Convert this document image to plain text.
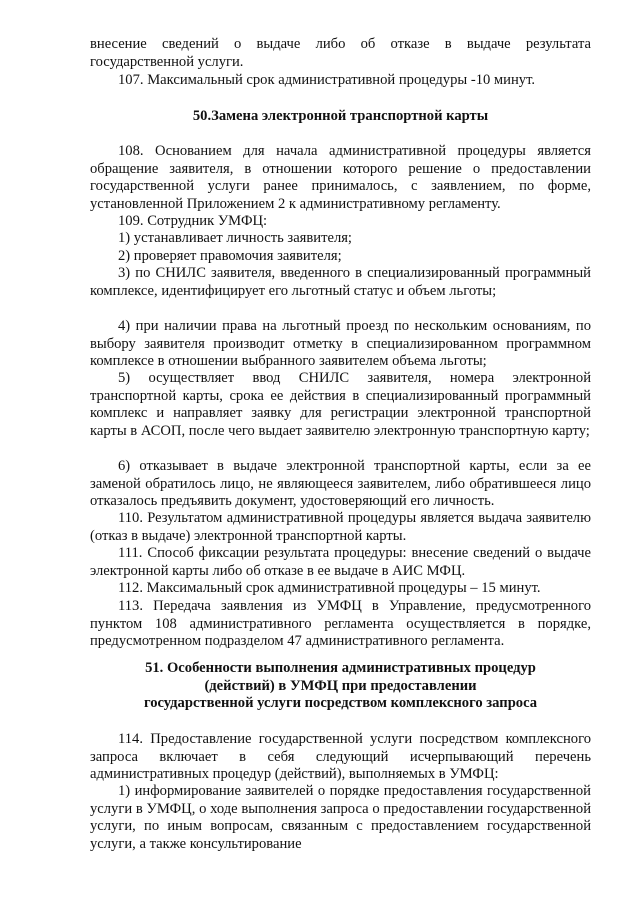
внесение сведений о выдаче либо об отказе в выдаче результата государственной услуги.

107. Максимальный срок административной процедуры -10 минут.

50.Замена электронной транспортной карты

108. Основанием для начала административной процедуры является обращение заявителя, в отношении которого решение о предоставлении государственной услуги ранее принималось, с заявлением, по форме, установленной Приложением 2 к административному регламенту.

109. Сотрудник УМФЦ:

1) устанавливает личность заявителя;

2) проверяет правомочия заявителя;

3) по СНИЛС заявителя, введенного в специализированный программный комплексе, идентифицирует его льготный статус и объем льготы;

4) при наличии права на льготный проезд по нескольким основаниям, по выбору заявителя производит отметку в специализированном программном комплексе в отношении выбранного заявителем объема льготы;

5) осуществляет ввод СНИЛС заявителя, номера электронной транспортной карты, срока ее действия в специализированный программный комплекс и направляет заявку для регистрации электронной транспортной карты в АСОП, после чего выдает заявителю электронную транспортную карту;

6) отказывает в выдаче электронной транспортной карты, если за ее заменой обратилось лицо, не являющееся заявителем, либо обратившееся лицо отказалось предъявить документ, удостоверяющий его личность.

110. Результатом административной процедуры является выдача заявителю (отказ в выдаче) электронной транспортной карты.

111. Способ фиксации результата процедуры: внесение сведений о выдаче электронной карты либо об отказе в ее выдаче в АИС МФЦ.

112. Максимальный срок административной процедуры – 15 минут.

113. Передача заявления из УМФЦ в Управление, предусмотренного пунктом 108 административного регламента осуществляется в порядке, предусмотренном подразделом 47 административного регламента.

51. Особенности выполнения административных процедур

(действий) в УМФЦ при предоставлении

государственной услуги посредством комплексного запроса

114. Предоставление государственной услуги посредством комплексного запроса включает в себя следующий исчерпывающий перечень административных процедур (действий), выполняемых в УМФЦ:

1) информирование заявителей о порядке предоставления государственной услуги в УМФЦ, о ходе выполнения запроса о предоставлении государственной услуги, по иным вопросам, связанным с предоставлением государственной услуги, а также консультирование
